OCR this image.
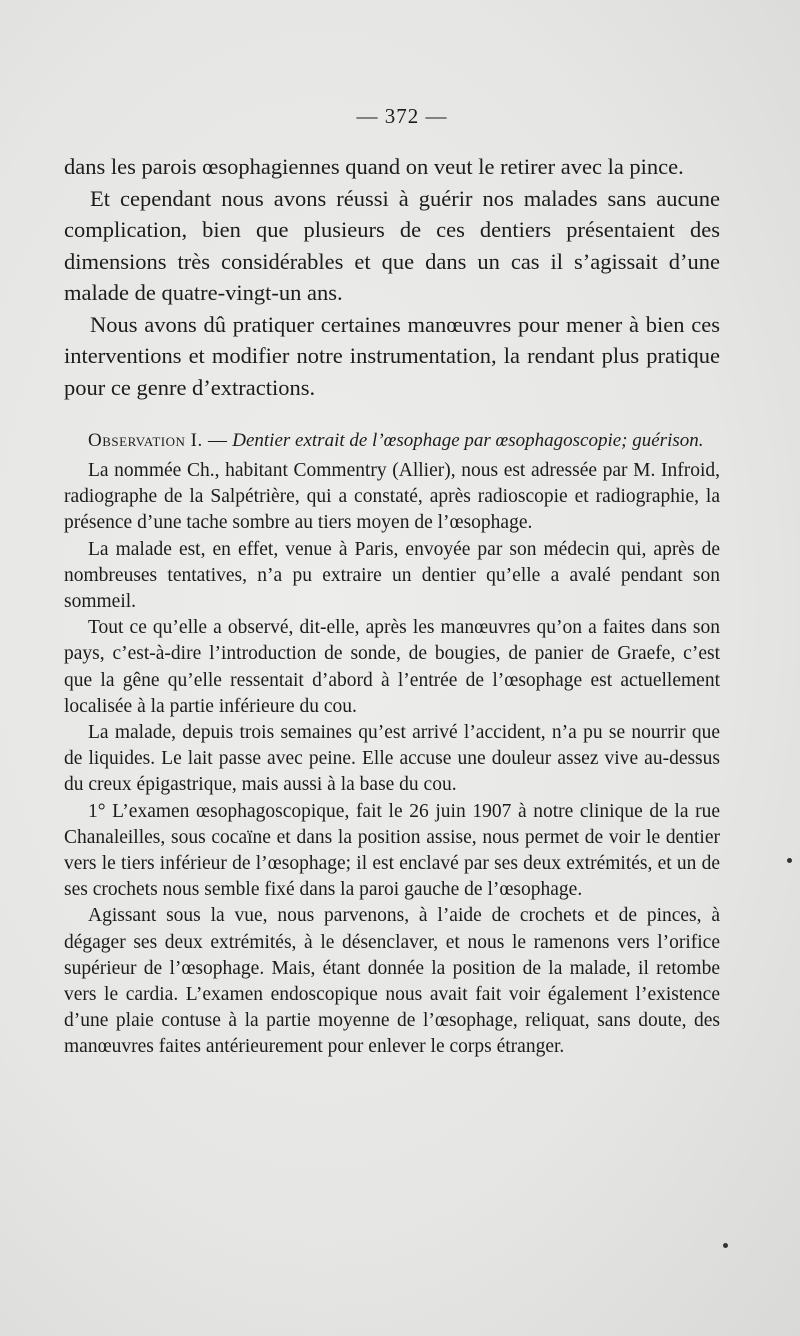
— 372 —

dans les parois œsophagiennes quand on veut le retirer avec la pince.

Et cependant nous avons réussi à guérir nos malades sans aucune complication, bien que plusieurs de ces dentiers présentaient des dimensions très considérables et que dans un cas il s’agissait d’une malade de quatre-vingt-un ans.

Nous avons dû pratiquer certaines manœuvres pour mener à bien ces interventions et modifier notre instrumentation, la rendant plus pratique pour ce genre d’extractions.

Observation I. — Dentier extrait de l’œsophage par œsophagoscopie; guérison.

La nommée Ch., habitant Commentry (Allier), nous est adressée par M. Infroid, radiographe de la Salpétrière, qui a constaté, après radioscopie et radiographie, la présence d’une tache sombre au tiers moyen de l’œsophage.

La malade est, en effet, venue à Paris, envoyée par son médecin qui, après de nombreuses tentatives, n’a pu extraire un dentier qu’elle a avalé pendant son sommeil.

Tout ce qu’elle a observé, dit-elle, après les manœuvres qu’on a faites dans son pays, c’est-à-dire l’introduction de sonde, de bougies, de panier de Graefe, c’est que la gêne qu’elle ressentait d’abord à l’entrée de l’œsophage est actuellement localisée à la partie inférieure du cou.

La malade, depuis trois semaines qu’est arrivé l’accident, n’a pu se nourrir que de liquides. Le lait passe avec peine. Elle accuse une douleur assez vive au-dessus du creux épigastrique, mais aussi à la base du cou.

1° L’examen œsophagoscopique, fait le 26 juin 1907 à notre clinique de la rue Chanaleilles, sous cocaïne et dans la position assise, nous permet de voir le dentier vers le tiers inférieur de l’œsophage; il est enclavé par ses deux extrémités, et un de ses crochets nous semble fixé dans la paroi gauche de l’œsophage.

Agissant sous la vue, nous parvenons, à l’aide de crochets et de pinces, à dégager ses deux extrémités, à le désenclaver, et nous le ramenons vers l’orifice supérieur de l’œsophage. Mais, étant donnée la position de la malade, il retombe vers le cardia. L’examen endoscopique nous avait fait voir également l’existence d’une plaie contuse à la partie moyenne de l’œsophage, reliquat, sans doute, des manœuvres faites antérieurement pour enlever le corps étranger.
